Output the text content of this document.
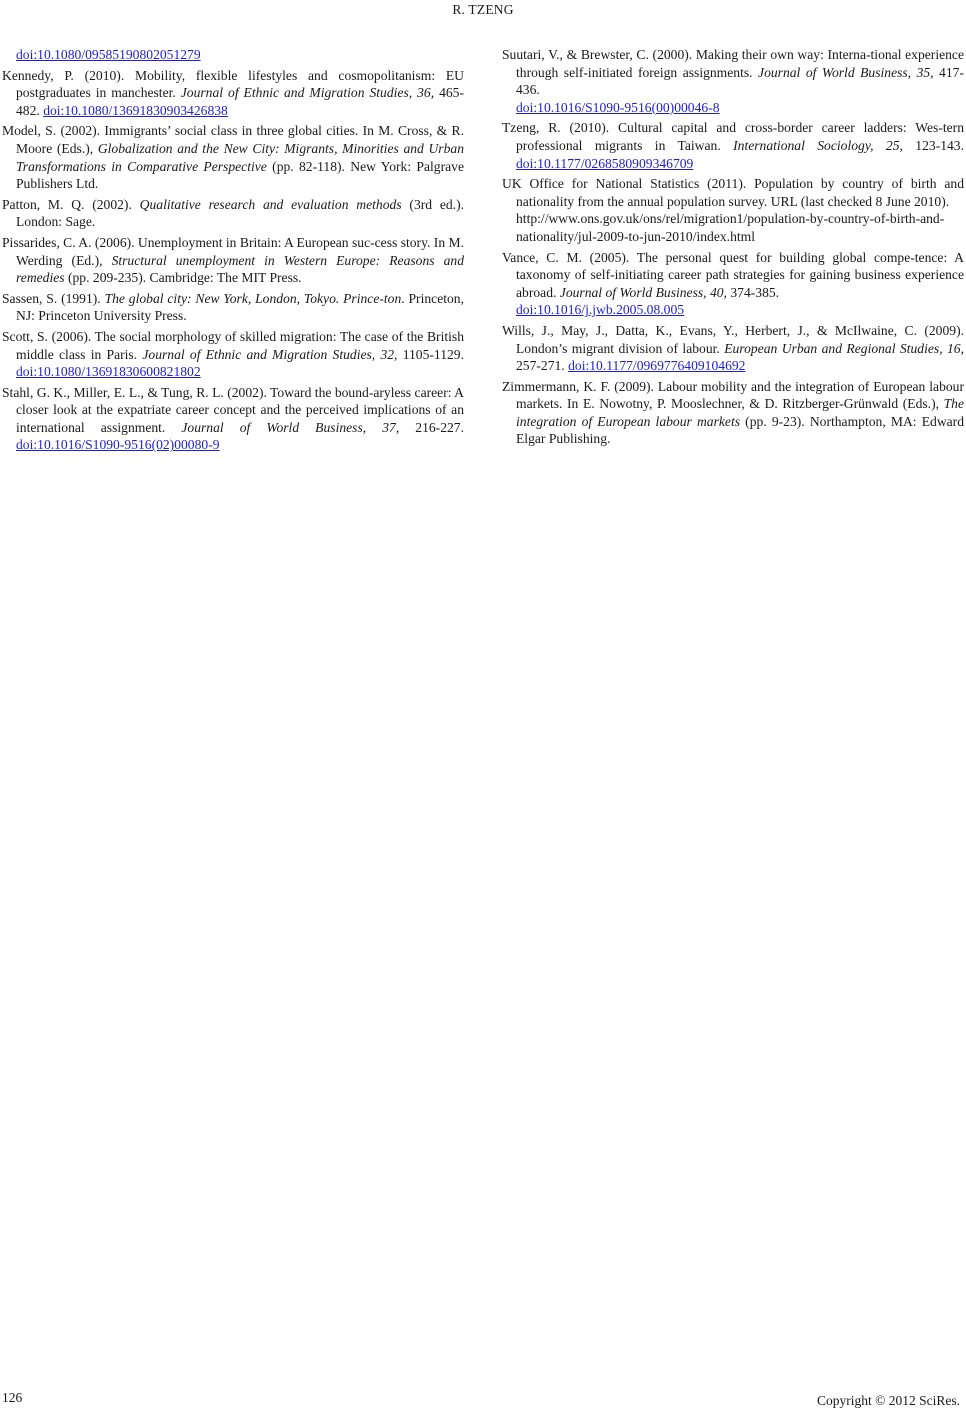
R. TZENG
doi:10.1080/09585190802051279
Kennedy, P. (2010). Mobility, flexible lifestyles and cosmopolitanism: EU postgraduates in manchester. Journal of Ethnic and Migration Studies, 36, 465-482. doi:10.1080/13691830903426838
Model, S. (2002). Immigrants’ social class in three global cities. In M. Cross, & R. Moore (Eds.), Globalization and the New City: Migrants, Minorities and Urban Transformations in Comparative Perspective (pp. 82-118). New York: Palgrave Publishers Ltd.
Patton, M. Q. (2002). Qualitative research and evaluation methods (3rd ed.). London: Sage.
Pissarides, C. A. (2006). Unemployment in Britain: A European suc-cess story. In M. Werding (Ed.), Structural unemployment in Western Europe: Reasons and remedies (pp. 209-235). Cambridge: The MIT Press.
Sassen, S. (1991). The global city: New York, London, Tokyo. Prince-ton. Princeton, NJ: Princeton University Press.
Scott, S. (2006). The social morphology of skilled migration: The case of the British middle class in Paris. Journal of Ethnic and Migration Studies, 32, 1105-1129. doi:10.1080/13691830600821802
Stahl, G. K., Miller, E. L., & Tung, R. L. (2002). Toward the bound-aryless career: A closer look at the expatriate career concept and the perceived implications of an international assignment. Journal of World Business, 37, 216-227. doi:10.1016/S1090-9516(02)00080-9
Suutari, V., & Brewster, C. (2000). Making their own way: Interna-tional experience through self-initiated foreign assignments. Journal of World Business, 35, 417-436.
doi:10.1016/S1090-9516(00)00046-8
Tzeng, R. (2010). Cultural capital and cross-border career ladders: Wes-tern professional migrants in Taiwan. International Sociology, 25, 123-143. doi:10.1177/0268580909346709
UK Office for National Statistics (2011). Population by country of birth and nationality from the annual population survey. URL (last checked 8 June 2010).
http://www.ons.gov.uk/ons/rel/migration1/population-by-country-of-birth-and-nationality/jul-2009-to-jun-2010/index.html
Vance, C. M. (2005). The personal quest for building global compe-tence: A taxonomy of self-initiating career path strategies for gaining business experience abroad. Journal of World Business, 40, 374-385.
doi:10.1016/j.jwb.2005.08.005
Wills, J., May, J., Datta, K., Evans, Y., Herbert, J., & McIlwaine, C. (2009). London’s migrant division of labour. European Urban and Regional Studies, 16, 257-271. doi:10.1177/0969776409104692
Zimmermann, K. F. (2009). Labour mobility and the integration of European labour markets. In E. Nowotny, P. Mooslechner, & D. Ritzberger-Grünwald (Eds.), The integration of European labour markets (pp. 9-23). Northampton, MA: Edward Elgar Publishing.
126	Copyright © 2012 SciRes.
